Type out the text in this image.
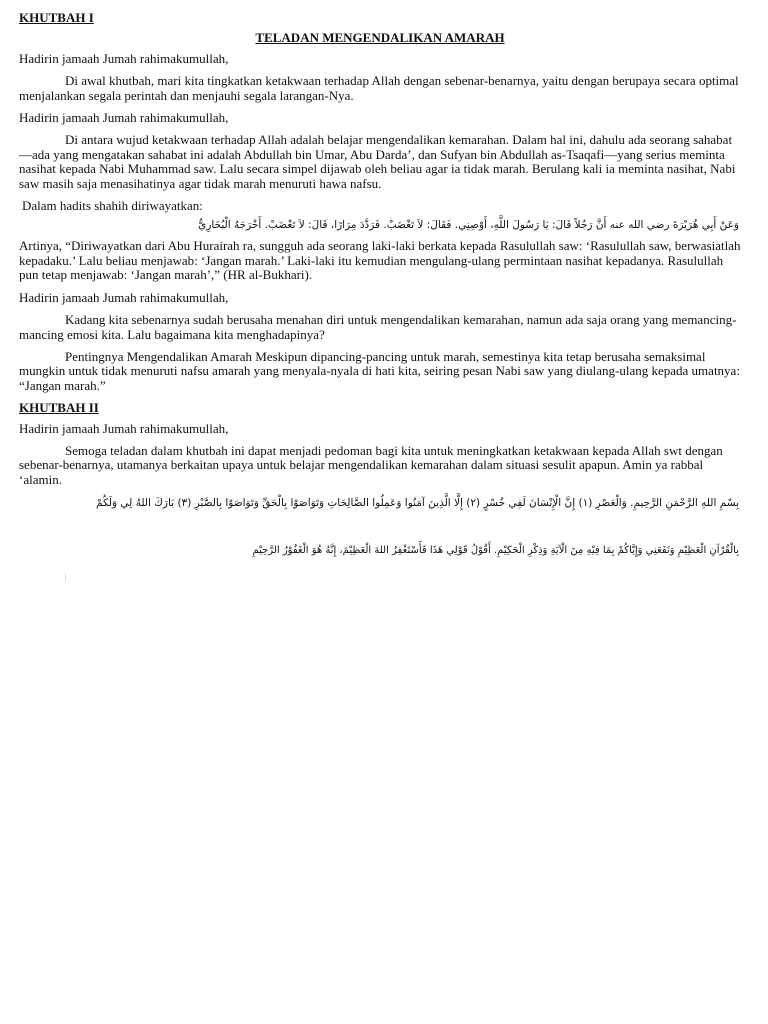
KHUTBAH I
TELADAN MENGENDALIKAN AMARAH

Hadirin jamaah Jumah rahimakumullah,

Di awal khutbah, mari kita tingkatkan ketakwaan terhadap Allah dengan sebenar-benarnya, yaitu dengan berupaya secara optimal menjalankan segala perintah dan menjauhi segala larangan-Nya.

Hadirin jamaah Jumah rahimakumullah,

Di antara wujud ketakwaan terhadap Allah adalah belajar mengendalikan kemarahan. Dalam hal ini, dahulu ada seorang sahabat—ada yang mengatakan sahabat ini adalah Abdullah bin Umar, Abu Darda’, dan Sufyan bin Abdullah as-Tsaqafi—yang serius meminta nasihat kepada Nabi Muhammad saw. Lalu secara simpel dijawab oleh beliau agar ia tidak marah. Berulang kali ia meminta nasihat, Nabi saw masih saja menasihatinya agar tidak marah menuruti hawa nafsu.

Dalam hadits shahih diriwayatkan:

وَعَنْ أَبِي هُرَيْرَةَ رضي الله عنه أَنَّ رَجُلاً قَالَ: يَا رَسُولَ اللَّهِ، أَوْصِنِي. فَقَالَ: لاَ تَغْضَبْ. فَرَدَّدَ مِرَارًا، قَالَ: لاَ تَغْضَبْ. أَخْرَجَهُ الْبُخَارِيُّ

Artinya, “Diriwayatkan dari Abu Hurairah ra, sungguh ada seorang laki-laki berkata kepada Rasulullah saw: ‘Rasulullah saw, berwasiatlah kepadaku.’ Lalu beliau menjawab: ‘Jangan marah.’ Laki-laki itu kemudian mengulang-ulang permintaan nasihat kepadanya. Rasulullah pun tetap menjawab: ‘Jangan marah’,” (HR al-Bukhari).

Hadirin jamaah Jumah rahimakumullah,

Kadang kita sebenarnya sudah berusaha menahan diri untuk mengendalikan kemarahan, namun ada saja orang yang memancing-mancing emosi kita. Lalu bagaimana kita menghadapinya?

Pentingnya Mengendalikan Amarah Meskipun dipancing-pancing untuk marah, semestinya kita tetap berusaha semaksimal mungkin untuk tidak menuruti nafsu amarah yang menyala-nyala di hati kita, seiring pesan Nabi saw yang diulang-ulang kepada umatnya: “Jangan marah.”

KHUTBAH II

Hadirin jamaah Jumah rahimakumullah,

Semoga teladan dalam khutbah ini dapat menjadi pedoman bagi kita untuk meningkatkan ketakwaan kepada Allah swt dengan sebenar-benarnya, utamanya berkaitan upaya untuk belajar mengendalikan kemarahan dalam situasi sesulit apapun. Amin ya rabbal ‘alamin.

بِسْمِ اللهِ الرَّحْمَنِ الرَّحِيمِ. وَالْعَصْرِ (١) إِنَّ الْإِنْسَانَ لَفِي خُسْرٍ (٢) إِلَّا الَّذِينَ آمَنُوا وَعَمِلُوا الصَّالِحَاتِ وَتَوَاصَوْا بِالْحَقِّ وَتَوَاصَوْا بِالصَّبْرِ (٣) بَارَكَ اللهُ لِي وَلَكُمْ

بِالْقُرْآنِ الْعَظِيْمِ وَنَفَعَنِي وَإِيَّاكُمْ بِمَا فِيْهِ مِنَ الْآيَةِ وَذِكْرِ الْحَكِيْمِ. أَقُوْلُ قَوْلِي هَذَا فَأَسْتَغْفِرُ اللهَ الْعَظِيْمَ، إِنَّهُ هُوَ الْغَفُوْرُ الرَّحِيْمِ
